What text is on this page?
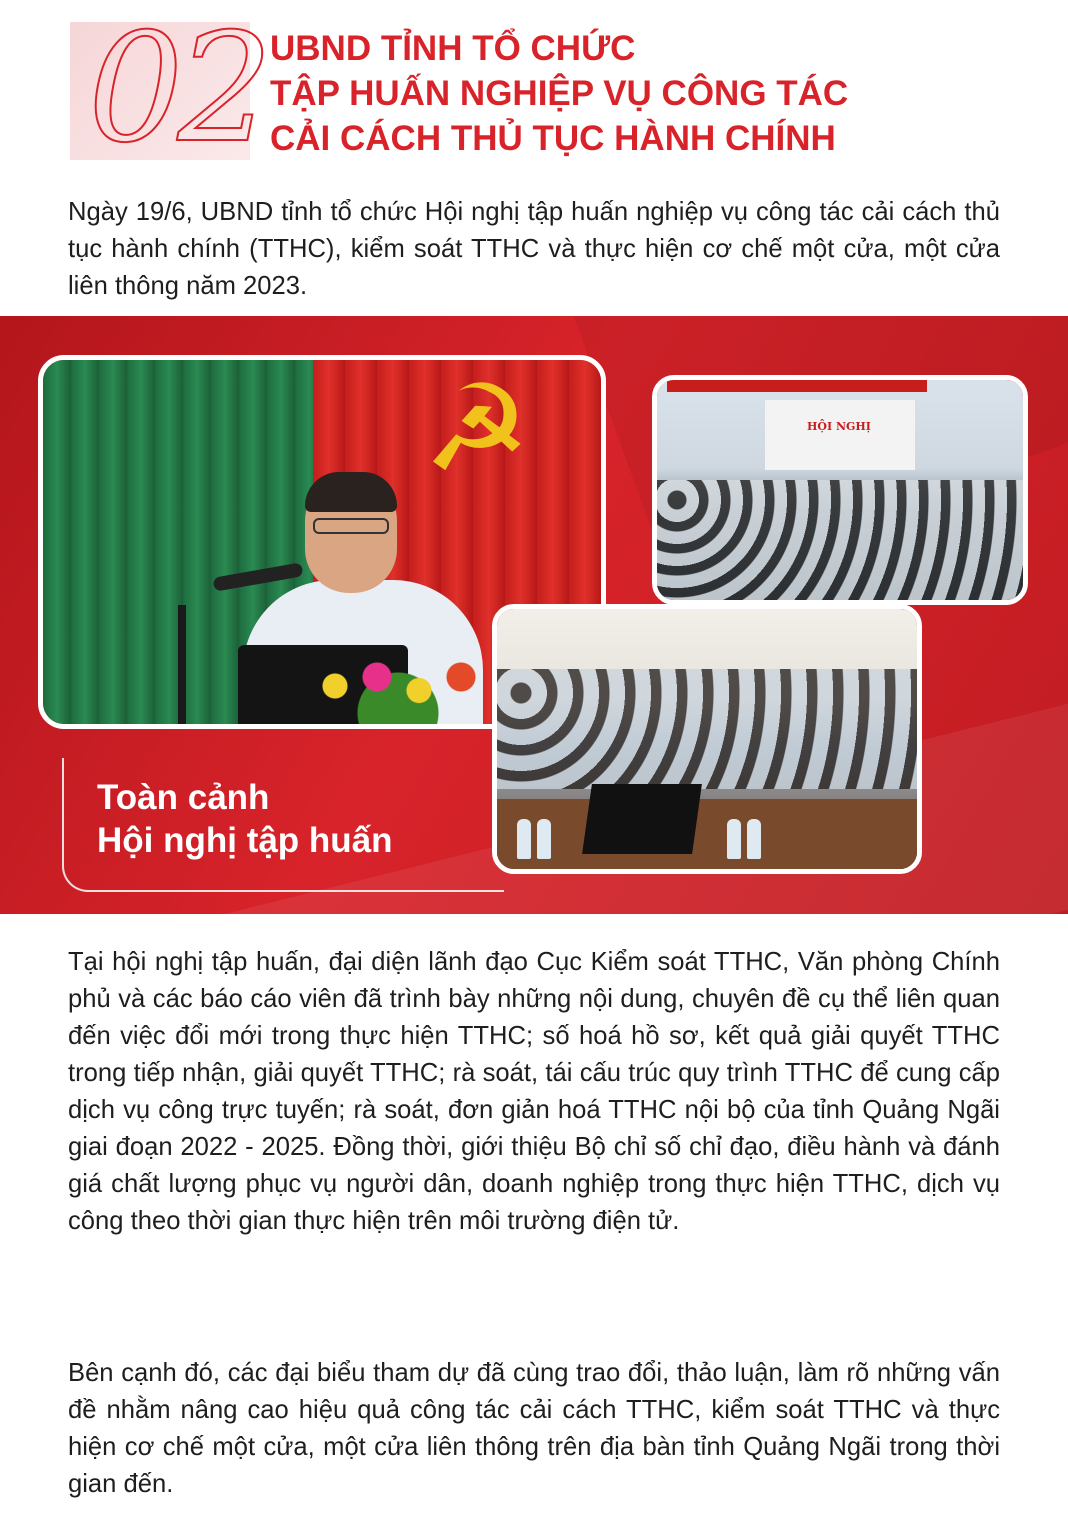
02 UBND TỈNH TỔ CHỨC
TẬP HUẤN NGHIỆP VỤ CÔNG TÁC
CẢI CÁCH THỦ TỤC HÀNH CHÍNH
Ngày 19/6, UBND tỉnh tổ chức Hội nghị tập huấn nghiệp vụ công tác cải cách thủ tục hành chính (TTHC), kiểm soát TTHC và thực hiện cơ chế một cửa, một cửa liên thông năm 2023.
☭	HỘI NGHỊ
Toàn cảnh
Hội nghị tập huấn
Tại hội nghị tập huấn, đại diện lãnh đạo Cục Kiểm soát TTHC, Văn phòng Chính phủ và các báo cáo viên đã trình bày những nội dung, chuyên đề cụ thể liên quan đến việc đổi mới trong thực hiện TTHC; số hoá hồ sơ, kết quả giải quyết TTHC trong tiếp nhận, giải quyết TTHC; rà soát, tái cấu trúc quy trình TTHC để cung cấp dịch vụ công trực tuyến; rà soát, đơn giản hoá TTHC nội bộ của tỉnh Quảng Ngãi giai đoạn 2022 - 2025. Đồng thời, giới thiệu Bộ chỉ số chỉ đạo, điều hành và đánh giá chất lượng phục vụ người dân, doanh nghiệp trong thực hiện TTHC, dịch vụ công theo thời gian thực hiện trên môi trường điện tử.
Bên cạnh đó, các đại biểu tham dự đã cùng trao đổi, thảo luận, làm rõ những vấn đề nhằm nâng cao hiệu quả công tác cải cách TTHC, kiểm soát TTHC và thực hiện cơ chế một cửa, một cửa liên thông trên địa bàn tỉnh Quảng Ngãi trong thời gian đến.
